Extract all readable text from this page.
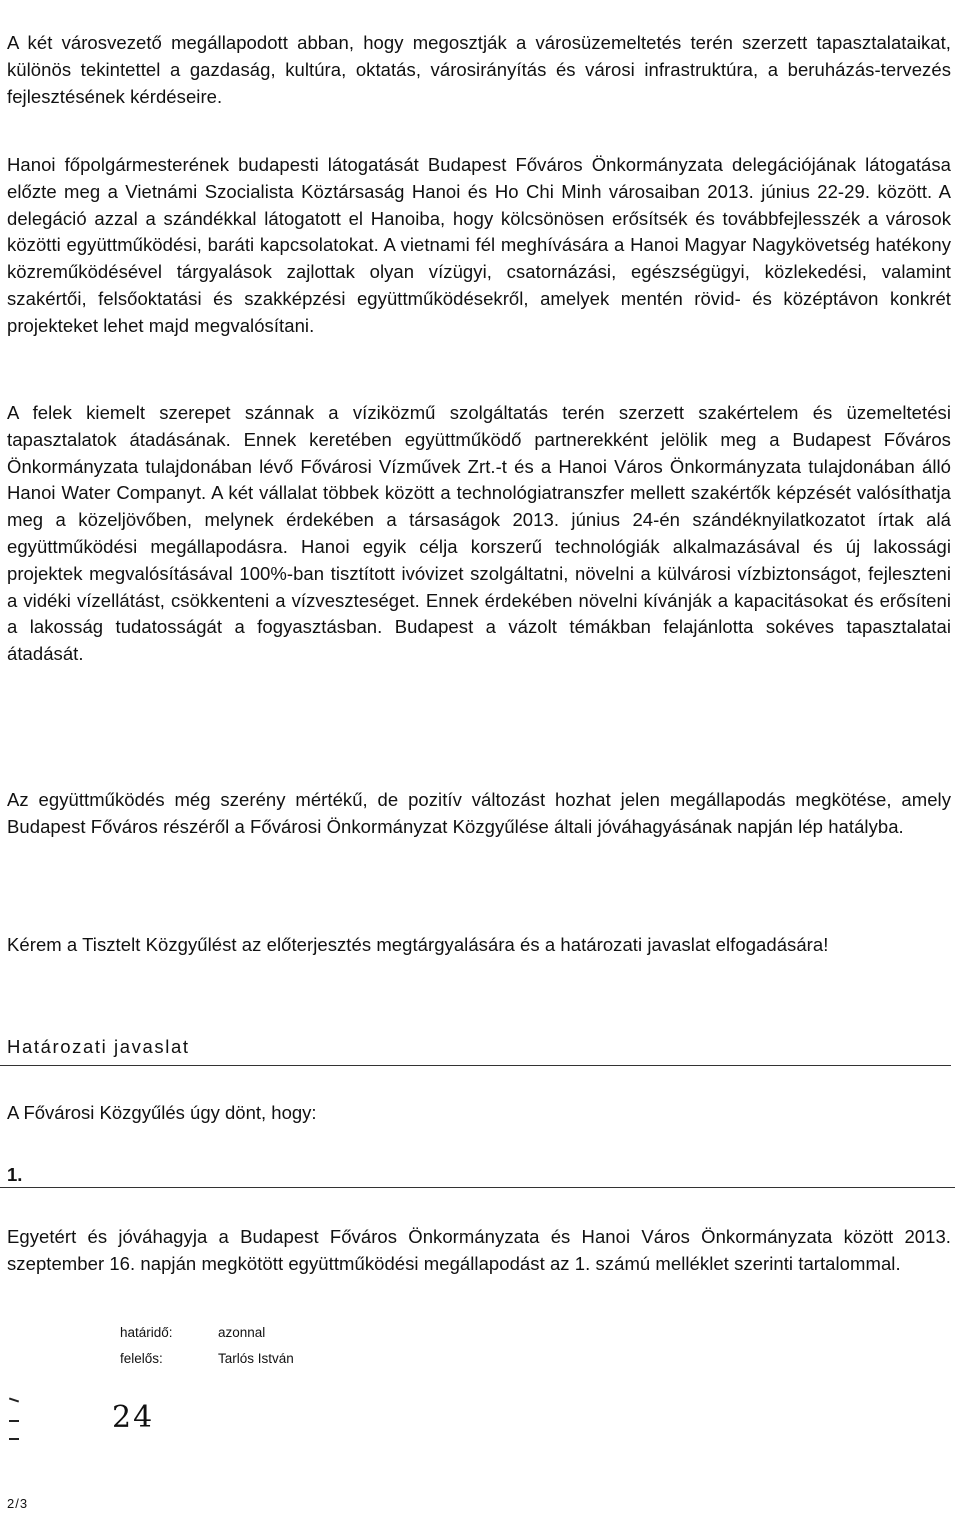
A két városvezető megállapodott abban, hogy megosztják a városüzemeltetés terén szerzett tapasztalataikat, különös tekintettel a gazdaság, kultúra, oktatás, városirányítás és városi infrastruktúra, a beruházás-tervezés fejlesztésének kérdéseire.
Hanoi főpolgármesterének budapesti látogatását Budapest Főváros Önkormányzata delegációjának látogatása előzte meg a Vietnámi Szocialista Köztársaság Hanoi és Ho Chi Minh városaiban 2013. június 22-29. között. A delegáció azzal a szándékkal látogatott el Hanoiba, hogy kölcsönösen erősítsék és továbbfejlesszék a városok közötti együttműködési, baráti kapcsolatokat. A vietnami fél meghívására a Hanoi Magyar Nagykövetség hatékony közreműködésével tárgyalások zajlottak olyan vízügyi, csatornázási, egészségügyi, közlekedési, valamint szakértői, felsőoktatási és szakképzési együttműködésekről, amelyek mentén rövid- és középtávon konkrét projekteket lehet majd megvalósítani.
A felek kiemelt szerepet szánnak a víziközmű szolgáltatás terén szerzett szakértelem és üzemeltetési tapasztalatok átadásának. Ennek keretében együttműködő partnerekként jelölik meg a Budapest Főváros Önkormányzata tulajdonában lévő Fővárosi Vízművek Zrt.-t és a Hanoi Város Önkormányzata tulajdonában álló Hanoi Water Companyt. A két vállalat többek között a technológiatranszfer mellett szakértők képzését valósíthatja meg a közeljövőben, melynek érdekében a társaságok 2013. június 24-én szándéknyilatkozatot írtak alá együttműködési megállapodásra. Hanoi egyik célja korszerű technológiák alkalmazásával és új lakossági projektek megvalósításával 100%-ban tisztított ivóvizet szolgáltatni, növelni a külvárosi vízbiztonságot, fejleszteni a vidéki vízellátást, csökkenteni a vízveszteséget. Ennek érdekében növelni kívánják a kapacitásokat és erősíteni a lakosság tudatosságát a fogyasztásban. Budapest a vázolt témákban felajánlotta sokéves tapasztalatai átadását.
Az együttműködés még szerény mértékű, de pozitív változást hozhat jelen megállapodás megkötése, amely Budapest Főváros részéről a Fővárosi Önkormányzat Közgyűlése általi jóváhagyásának napján lép hatályba.
Kérem a Tisztelt Közgyűlést az előterjesztés megtárgyalására és a határozati javaslat elfogadására!
Határozati javaslat
A Fővárosi Közgyűlés úgy dönt, hogy:
1.
Egyetért és jóváhagyja a Budapest Főváros Önkormányzata és Hanoi Város Önkormányzata között 2013. szeptember 16. napján megkötött együttműködési megállapodást az 1. számú melléklet szerinti tartalommal.
határidő:	azonnal
felelős:	Tarlós István
24
2/3
